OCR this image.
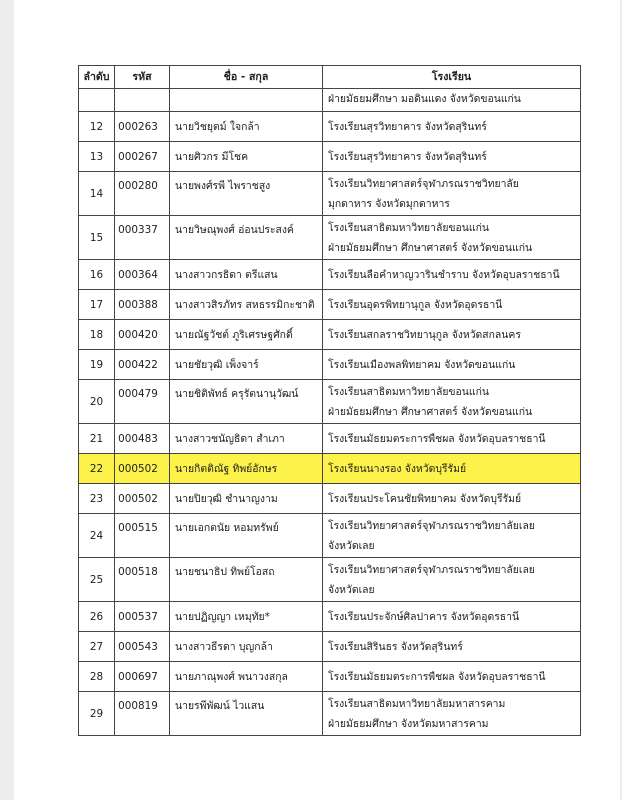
ลำดับ	รหัส	ชื่อ - สกุล	โรงเรียน
			ฝ่ายมัธยมศึกษา มอดินแดง จังหวัดขอนแก่น
12	000263	นายวิชยุตม์ ใจกล้า	โรงเรียนสุรวิทยาคาร จังหวัดสุรินทร์

13	000267	นายศิวกร มีโชค	โรงเรียนสุรวิทยาคาร จังหวัดสุรินทร์

14	000280	นายพงศ์รพี ไพราชสูง	โรงเรียนวิทยาศาสตร์จุฬาภรณราชวิทยาลัย
มุกดาหาร จังหวัดมุกดาหาร

15	000337	นายวิษณุพงศ์ อ่อนประสงค์	โรงเรียนสาธิตมหาวิทยาลัยขอนแก่น
ฝ่ายมัธยมศึกษา ศึกษาศาสตร์ จังหวัดขอนแก่น

16	000364	นางสาวกรธิดา ตรีแสน	โรงเรียนลือคำหาญวารินชำราบ จังหวัดอุบลราชธานี

17	000388	นางสาวสิรภัทร สหธรรมิกะชาติ	โรงเรียนอุดรพิทยานุกูล จังหวัดอุดรธานี

18	000420	นายณัฐวัชต์ ภูริเศรษฐศักดิ์	โรงเรียนสกลราชวิทยานุกูล จังหวัดสกลนคร

19	000422	นายชัยวุฒิ เพ็งจาร์	โรงเรียนเมืองพลพิทยาคม จังหวัดขอนแก่น

20	000479	นายชิติพัทธ์ ครุรัตนานุวัฒน์	โรงเรียนสาธิตมหาวิทยาลัยขอนแก่น
ฝ่ายมัธยมศึกษา ศึกษาศาสตร์ จังหวัดขอนแก่น

21	000483	นางสาวชนัญธิดา สำเภา	โรงเรียนมัธยมตระการพืชผล จังหวัดอุบลราชธานี

22	000502	นายกิตติณัฐ ทิพย์อักษร	โรงเรียนนางรอง จังหวัดบุรีรัมย์

23	000502	นายปิยวุฒิ ชำนาญงาม	โรงเรียนประโคนชัยพิทยาคม จังหวัดบุรีรัมย์

24	000515	นายเอกตนัย หอมทรัพย์	โรงเรียนวิทยาศาสตร์จุฬาภรณราชวิทยาลัยเลย
จังหวัดเลย

25	000518	นายชนาธิป ทิพย์โอสถ	โรงเรียนวิทยาศาสตร์จุฬาภรณราชวิทยาลัยเลย
จังหวัดเลย

26	000537	นายปฏิญญา เหมุทัย*	โรงเรียนประจักษ์ศิลปาคาร จังหวัดอุดรธานี

27	000543	นางสาวธีรดา บุญกล้า	โรงเรียนสิรินธร จังหวัดสุรินทร์

28	000697	นายภาณุพงศ์ พนาวงสกุล	โรงเรียนมัธยมตระการพืชผล จังหวัดอุบลราชธานี

29	000819	นายรพีพัฒน์ ไวแสน	โรงเรียนสาธิตมหาวิทยาลัยมหาสารคาม
ฝ่ายมัธยมศึกษา จังหวัดมหาสารคาม
